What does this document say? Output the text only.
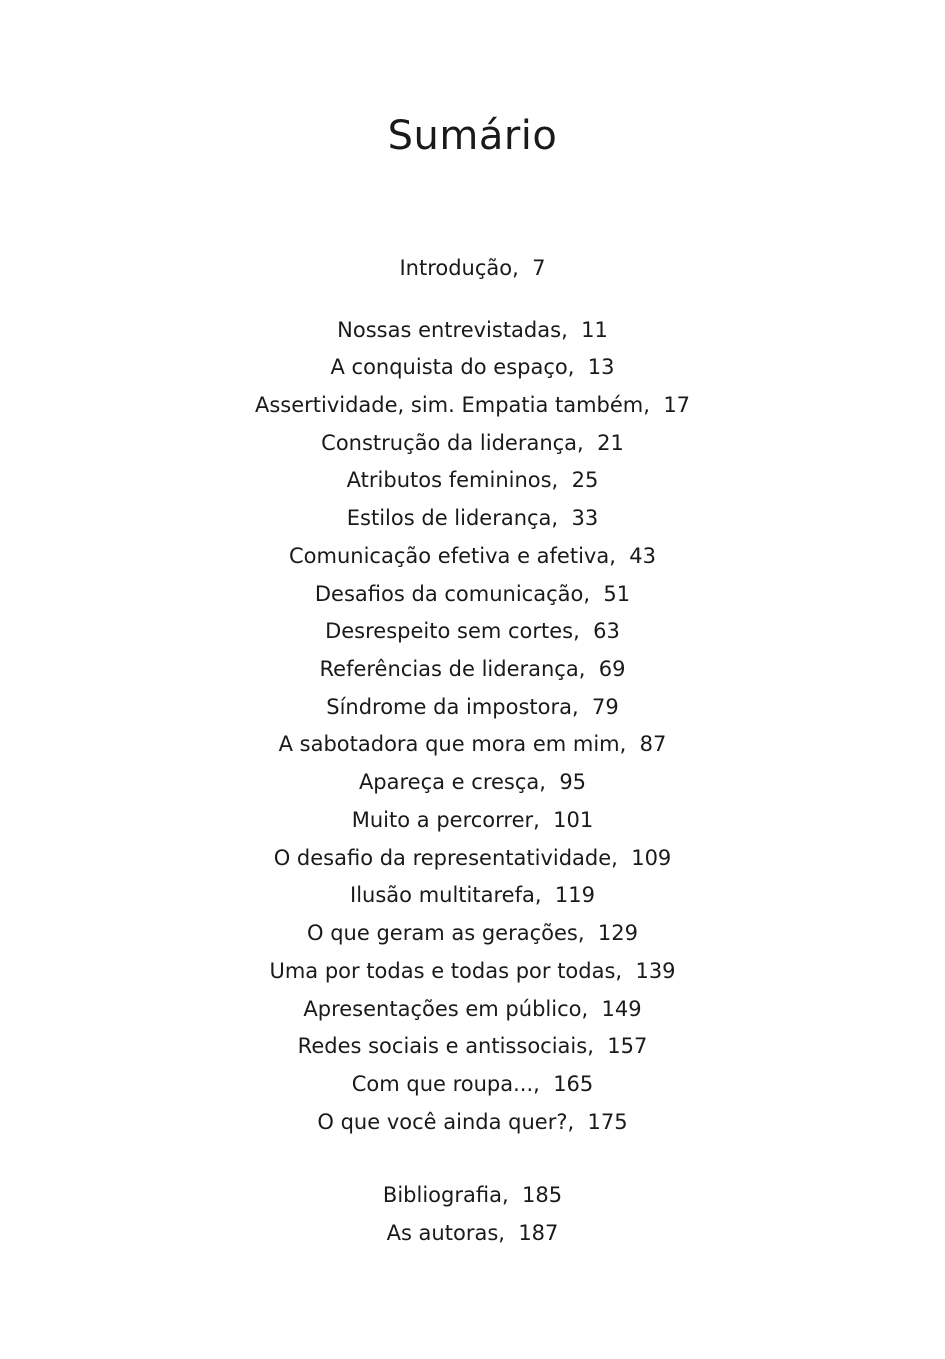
Sumário
Introdução, 7
Nossas entrevistadas, 11
A conquista do espaço, 13
Assertividade, sim. Empatia também, 17
Construção da liderança, 21
Atributos femininos, 25
Estilos de liderança, 33
Comunicação efetiva e afetiva, 43
Desafios da comunicação, 51
Desrespeito sem cortes, 63
Referências de liderança, 69
Síndrome da impostora, 79
A sabotadora que mora em mim, 87
Apareça e cresça, 95
Muito a percorrer, 101
O desafio da representatividade, 109
Ilusão multitarefa, 119
O que geram as gerações, 129
Uma por todas e todas por todas, 139
Apresentações em público, 149
Redes sociais e antissociais, 157
Com que roupa..., 165
O que você ainda quer?, 175
Bibliografia, 185
As autoras, 187
